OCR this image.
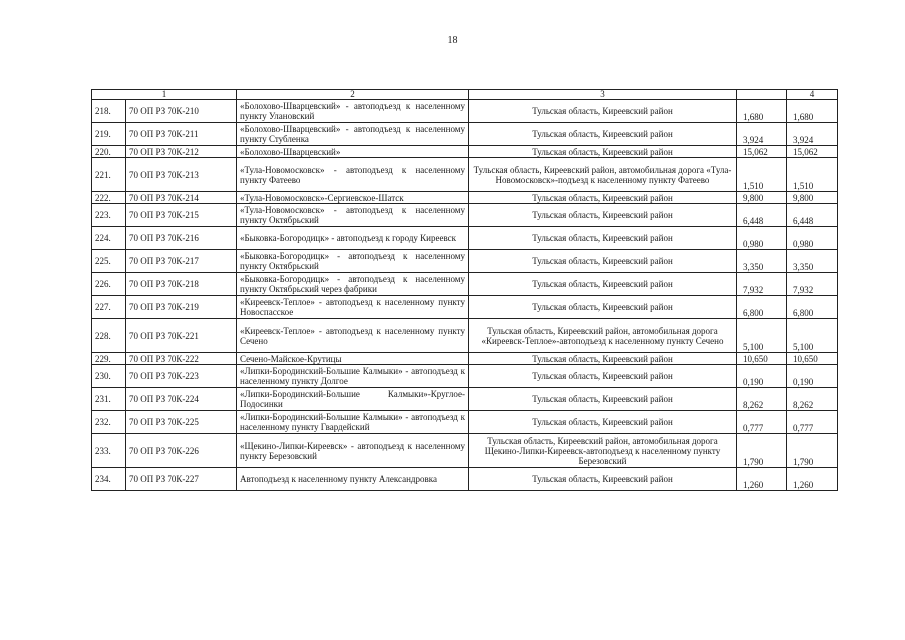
18
1		2	3		4
218.	70 ОП РЗ 70К-210	«Болохово-Шварцевский» - автоподъезд к населенному пункту Улановский	Тульская область, Киреевский район	1,680	1,680
219.	70 ОП РЗ 70К-211	«Болохово-Шварцевский» - автоподъезд к населенному пункту Стубленка	Тульская область, Киреевский район	3,924	3,924
220.	70 ОП РЗ 70К-212	«Болохово-Шварцевский»	Тульская область, Киреевский район	15,062	15,062
221.	70 ОП РЗ 70К-213	«Тула-Новомосковск» - автоподъезд к населенному пункту Фатеево	Тульская область, Киреевский район, автомобильная дорога «Тула-Новомосковск»-подъезд к населенному пункту Фатеево	1,510	1,510
222.	70 ОП РЗ 70К-214	«Тула-Новомосковск»-Сергиевское-Шатск	Тульская область, Киреевский район	9,800	9,800
223.	70 ОП РЗ 70К-215	«Тула-Новомосковск» - автоподъезд к населенному пункту Октябрьский	Тульская область, Киреевский район	6,448	6,448
224.	70 ОП РЗ 70К-216	«Быковка-Богородицк» - автоподъезд к городу Киреевск	Тульская область, Киреевский район	0,980	0,980
225.	70 ОП РЗ 70К-217	«Быковка-Богородицк» - автоподъезд к населенному пункту Октябрьский	Тульская область, Киреевский район	3,350	3,350
226.	70 ОП РЗ 70К-218	«Быковка-Богородицк» - автоподъезд к населенному пункту Октябрьский через фабрики	Тульская область, Киреевский район	7,932	7,932
227.	70 ОП РЗ 70К-219	«Киреевск-Теплое» - автоподъезд к населенному пункту Новоспасское	Тульская область, Киреевский район	6,800	6,800
228.	70 ОП РЗ 70К-221	«Киреевск-Теплое» - автоподъезд к населенному пункту Сечено	Тульская область, Киреевский район, автомобильная дорога «Киреевск-Теплое»-автоподъезд к населенному пункту Сечено	5,100	5,100
229.	70 ОП РЗ 70К-222	Сечено-Майское-Крутицы	Тульская область, Киреевский район	10,650	10,650
230.	70 ОП РЗ 70К-223	«Липки-Бородинский-Большие Калмыки» - автоподъезд к населенному пункту Долгое	Тульская область, Киреевский район	0,190	0,190
231.	70 ОП РЗ 70К-224	«Липки-Бородинский-Большие Калмыки»-Круглое-Подосинки	Тульская область, Киреевский район	8,262	8,262
232.	70 ОП РЗ 70К-225	«Липки-Бородинский-Большие Калмыки» - автоподъезд к населенному пункту Гвардейский	Тульская область, Киреевский район	0,777	0,777
233.	70 ОП РЗ 70К-226	«Щекино-Липки-Киреевск» - автоподъезд к населенному пункту Березовский	Тульская область, Киреевский район, автомобильная дорога Щекино-Липки-Киреевск-автоподъезд к населенному пункту Березовский	1,790	1,790
234.	70 ОП РЗ 70К-227	Автоподъезд к населенному пункту Александровка	Тульская область, Киреевский район	1,260	1,260
